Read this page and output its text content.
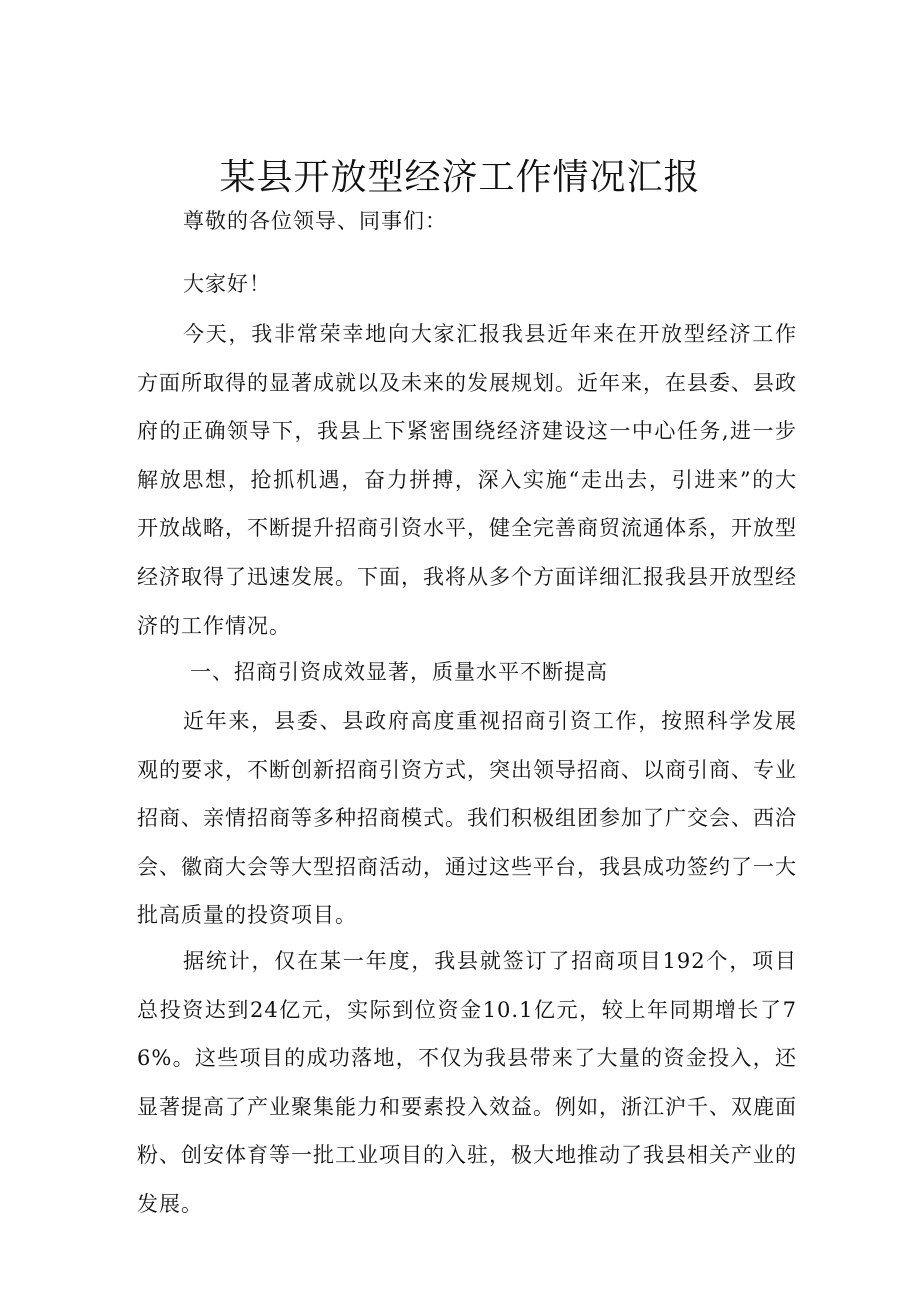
某县开放型经济工作情况汇报

尊敬的各位领导、同事们：

大家好！

今天，我非常荣幸地向大家汇报我县近年来在开放型经济工作方面所取得的显著成就以及未来的发展规划。近年来，在县委、县政府的正确领导下，我县上下紧密围绕经济建设这一中心任务,进一步解放思想，抢抓机遇，奋力拼搏，深入实施“走出去，引进来”的大开放战略，不断提升招商引资水平，健全完善商贸流通体系，开放型经济取得了迅速发展。下面，我将从多个方面详细汇报我县开放型经济的工作情况。

一、招商引资成效显著，质量水平不断提高

近年来，县委、县政府高度重视招商引资工作，按照科学发展观的要求，不断创新招商引资方式，突出领导招商、以商引商、专业招商、亲情招商等多种招商模式。我们积极组团参加了广交会、西洽会、徽商大会等大型招商活动，通过这些平台，我县成功签约了一大批高质量的投资项目。

据统计，仅在某一年度，我县就签订了招商项目192个，项目总投资达到24亿元，实际到位资金10.1亿元，较上年同期增长了76%。这些项目的成功落地，不仅为我县带来了大量的资金投入，还显著提高了产业聚集能力和要素投入效益。例如，浙江沪千、双鹿面粉、创安体育等一批工业项目的入驻，极大地推动了我县相关产业的发展。
